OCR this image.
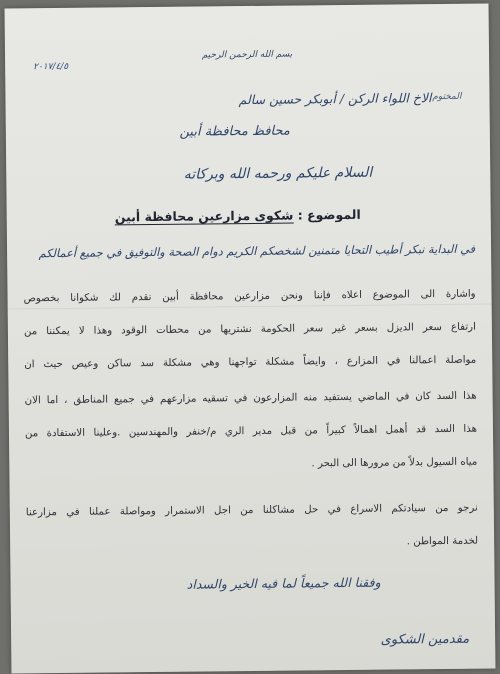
بسم الله الرحمن الرحيم
٢٠١٧/٤/٥
المختوم
الاخ اللواء الركن / أبوبكر حسين سالم
محافظ محافظة أبين
السلام عليكم ورحمه الله وبركاته
الموضوع : شكوى مزارعين محافظة أبين
في البداية نبكر أطيب التحايا متمنين لشخصكم الكريم دوام الصحة والتوفيق في جميع أعمالكم
واشارة الى الموضوع اعلاه فإننا ونحن مزارعين محافظة أبين نقدم لك شكوانا بخصوص
ارتفاع سعر الديزل بسعر غير سعر الحكومة نشتريها من محطات الوقود وهذا لا يمكننا من
مواصلة اعمالنا في المزارع ، وايضاً مشكلة تواجهنا وهي مشكلة سد ساكن وعيص حيث ان
هذا السد كان في الماضي يستفيد منه المزارعون في تسقيه مزارعهم في جميع المناطق ، اما الان
هذا السد قد أهمل اهمالاً كبيراً من قبل مدير الري م/خنفر والمهندسين .وعلينا الاستفادة من
مياه السيول بدلاً من مرورها الى البحر .
نرجو من سيادتكم الاسراع في حل مشاكلنا من اجل الاستمرار ومواصلة عملنا في مزارعنا
لخدمة المواطن .
وفقنا الله جميعاً لما فيه الخير والسداد
مقدمين الشكوى
